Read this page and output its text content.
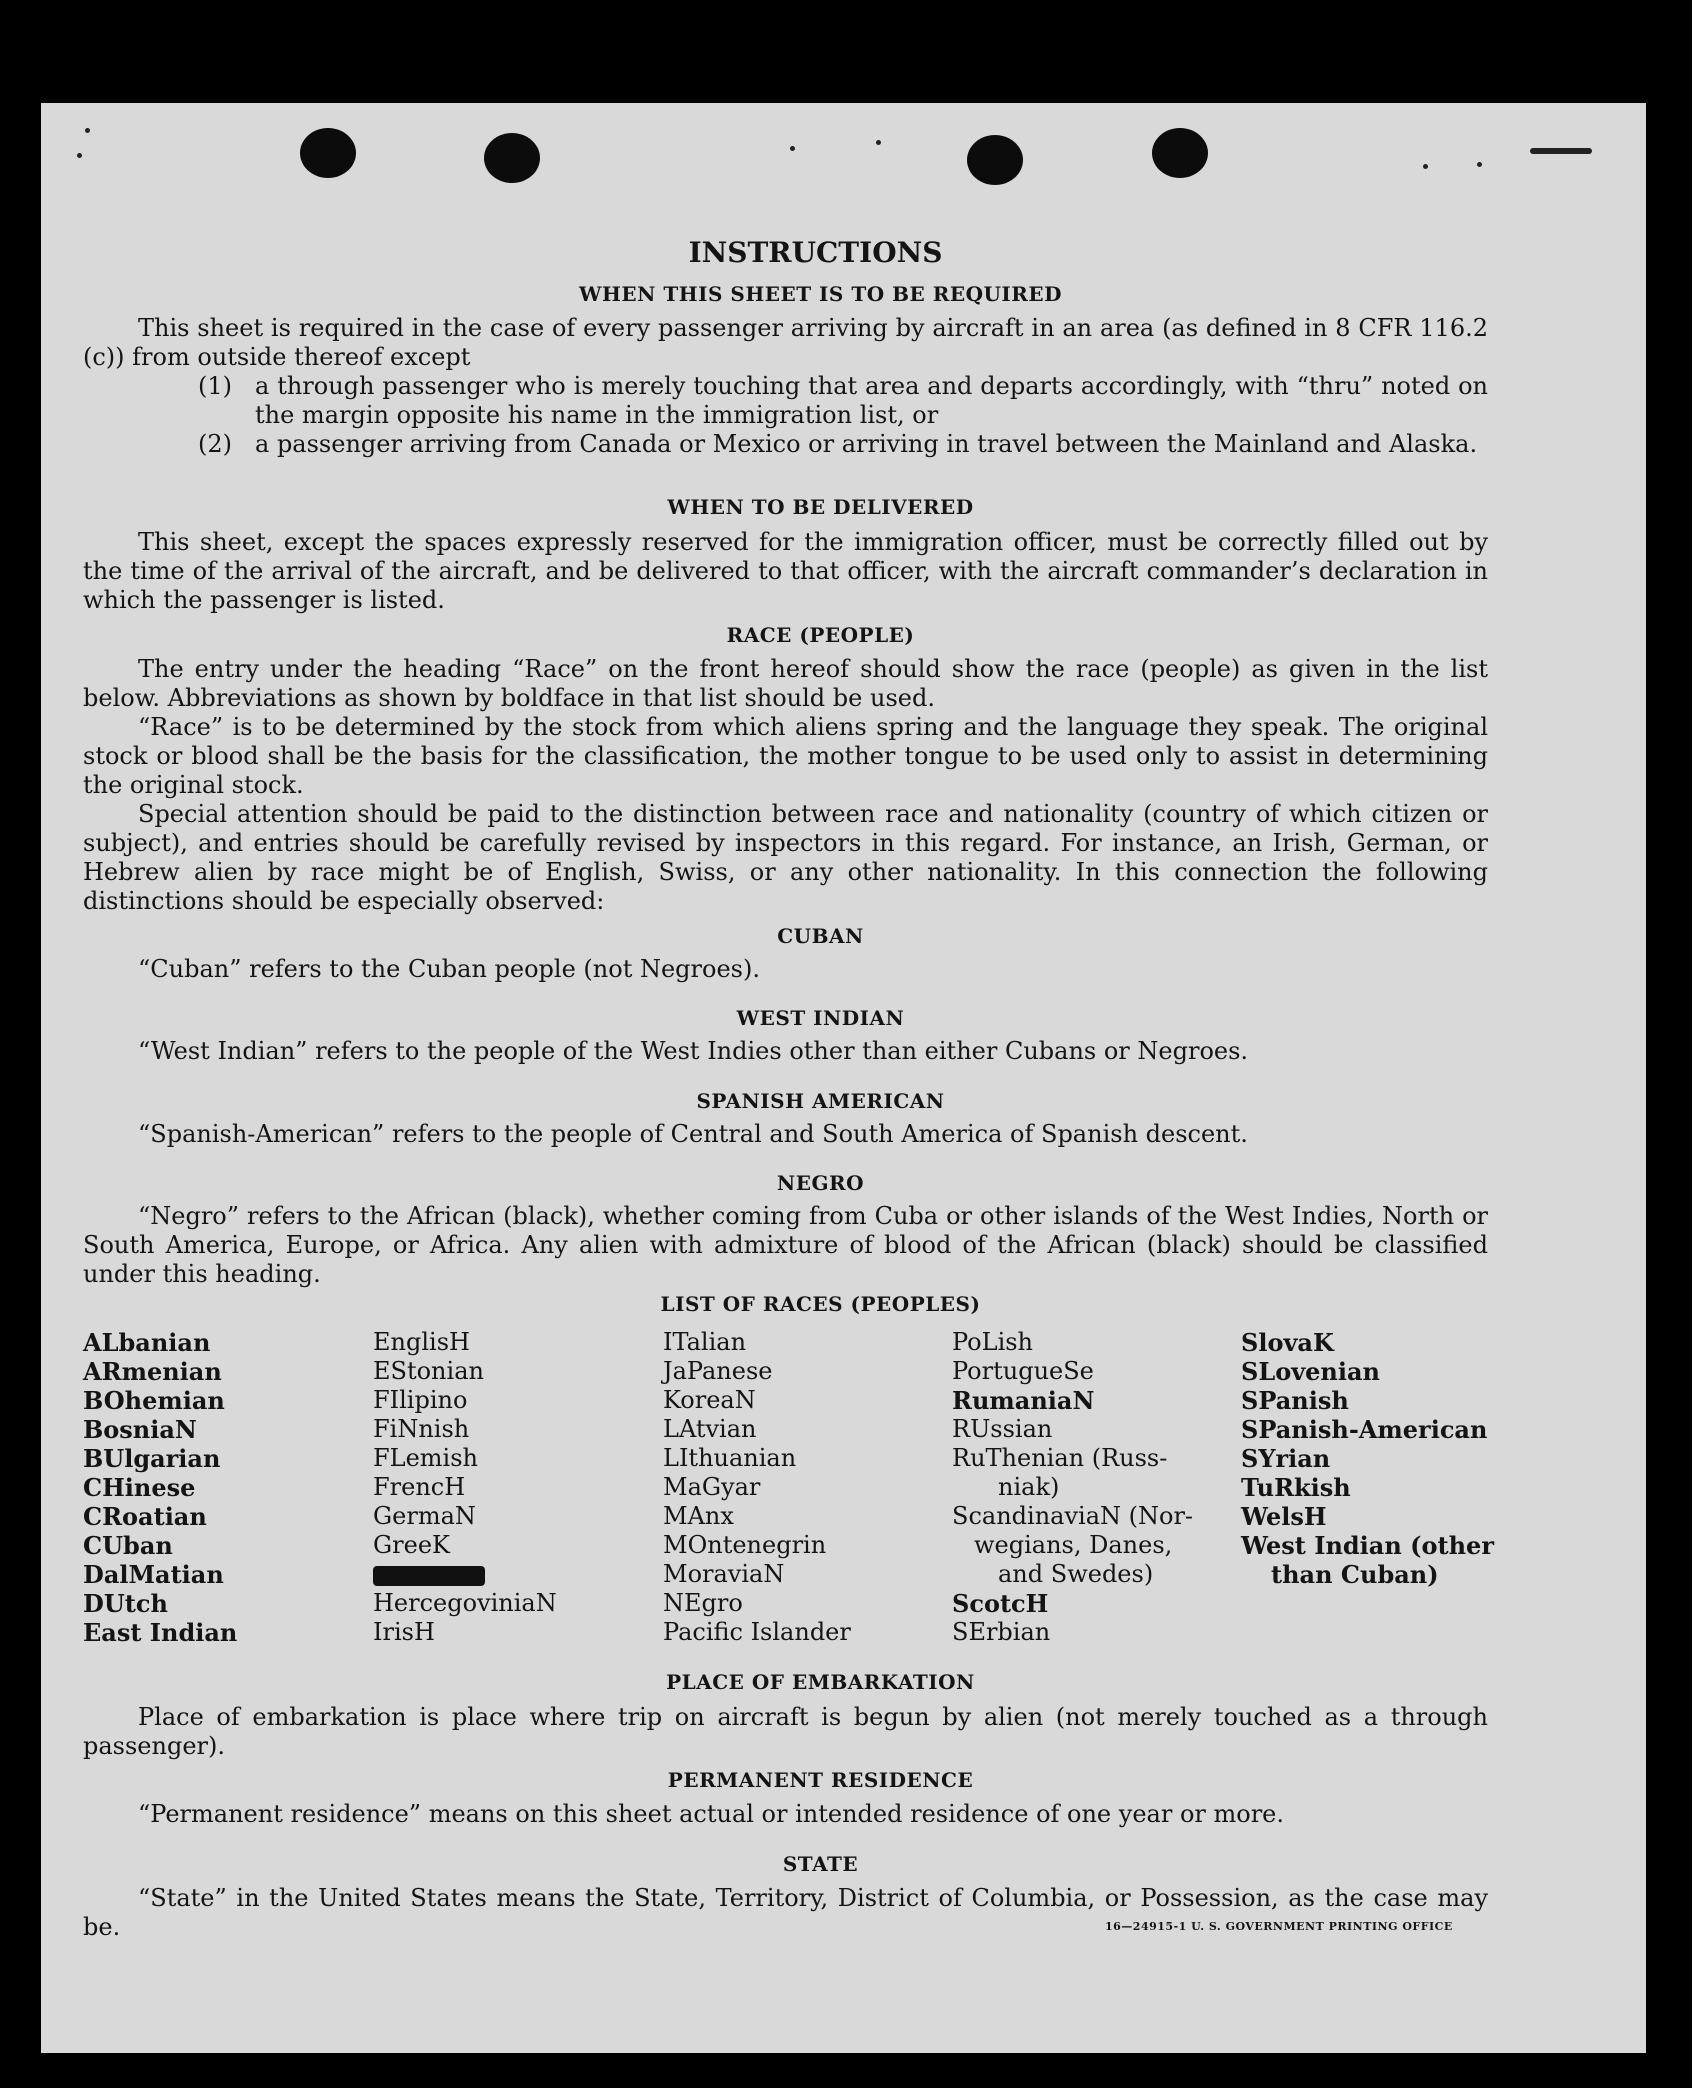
INSTRUCTIONS
WHEN THIS SHEET IS TO BE REQUIRED
This sheet is required in the case of every passenger arriving by aircraft in an area (as defined in 8 CFR 116.2 (c)) from outside thereof except
(1) a through passenger who is merely touching that area and departs accordingly, with “thru” noted on the margin opposite his name in the immigration list, or
(2) a passenger arriving from Canada or Mexico or arriving in travel between the Mainland and Alaska.
WHEN TO BE DELIVERED
This sheet, except the spaces expressly reserved for the immigration officer, must be correctly filled out by the time of the arrival of the aircraft, and be delivered to that officer, with the aircraft commander’s declaration in which the passenger is listed.
RACE (PEOPLE)
The entry under the heading “Race” on the front hereof should show the race (people) as given in the list below. Abbreviations as shown by boldface in that list should be used.
“Race” is to be determined by the stock from which aliens spring and the language they speak. The original stock or blood shall be the basis for the classification, the mother tongue to be used only to assist in determining the original stock.
Special attention should be paid to the distinction between race and nationality (country of which citizen or subject), and entries should be carefully revised by inspectors in this regard. For instance, an Irish, German, or Hebrew alien by race might be of English, Swiss, or any other nationality. In this connection the following distinctions should be especially observed:
CUBAN
“Cuban” refers to the Cuban people (not Negroes).
WEST INDIAN
“West Indian” refers to the people of the West Indies other than either Cubans or Negroes.
SPANISH AMERICAN
“Spanish-American” refers to the people of Central and South America of Spanish descent.
NEGRO
“Negro” refers to the African (black), whether coming from Cuba or other islands of the West Indies, North or South America, Europe, or Africa. Any alien with admixture of blood of the African (black) should be classified under this heading.
LIST OF RACES (PEOPLES)
ALbanian
ARmenian
BOhemian
BosniaN
BUlgarian
CHinese
CRoatian
CUban
DalMatian
DUtch
East Indian
EnglisH
EStonian
FIlipino
FiNnish
FLemish
FrencH
GermaN
GreeK
HercegoviniaN
IrisH
ITalian
JaPanese
KoreaN
LAtvian
LIthuanian
MaGyar
MAnx
MOntenegrin
MoraviaN
NEgro
Pacific Islander
PoLish
PortugueSe
RumaniaN
RUssian
RuThenian (Russ-
niak)
ScandinaviaN (Nor-
wegians, Danes,
and Swedes)
ScotcH
SErbian
SlovaK
SLovenian
SPanish
SPanish-American
SYrian
TuRkish
WelsH
West Indian (other
than Cuban)
PLACE OF EMBARKATION
Place of embarkation is place where trip on aircraft is begun by alien (not merely touched as a through passenger).
PERMANENT RESIDENCE
“Permanent residence” means on this sheet actual or intended residence of one year or more.
STATE
“State” in the United States means the State, Territory, District of Columbia, or Possession, as the case may be.	16—24915-1 U. S. GOVERNMENT PRINTING OFFICE
